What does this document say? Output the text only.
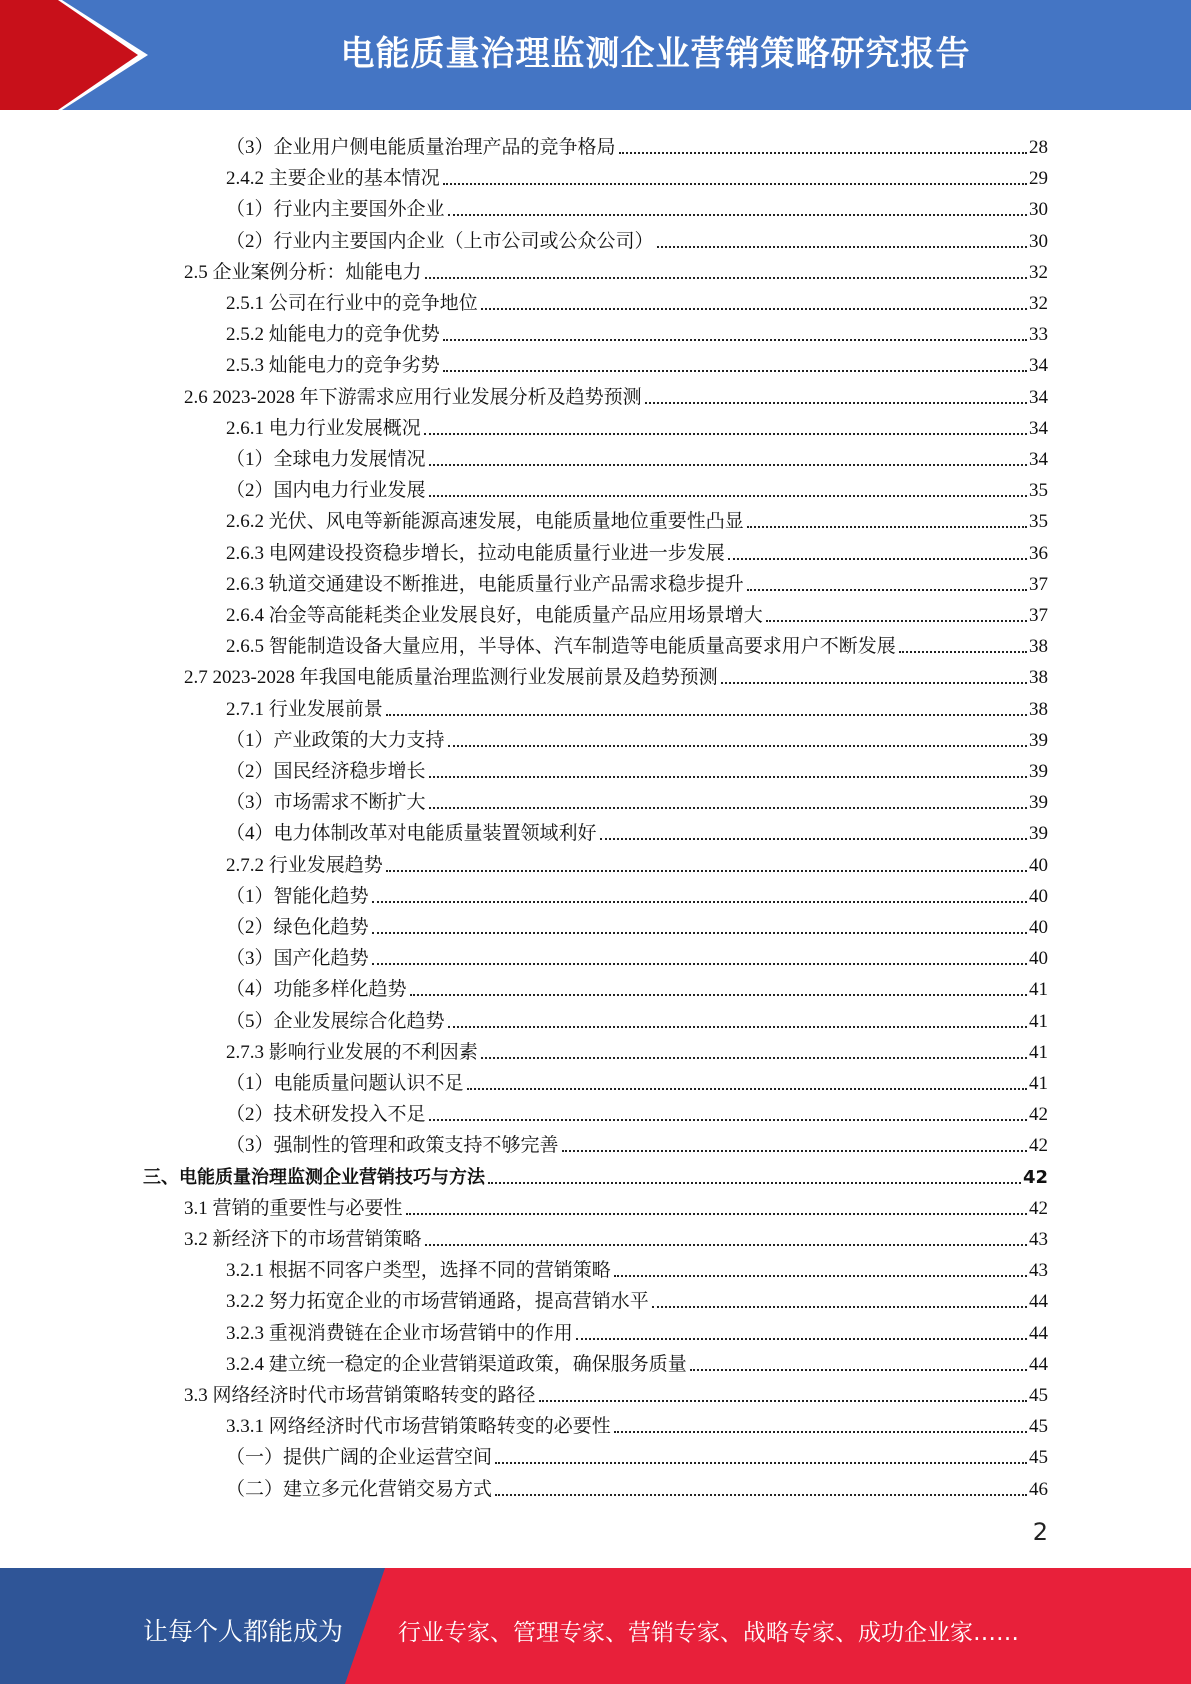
电能质量治理监测企业营销策略研究报告
（3）企业用户侧电能质量治理产品的竞争格局	28
2.4.2 主要企业的基本情况	29
（1）行业内主要国外企业	30
（2）行业内主要国内企业（上市公司或公众公司）	30
2.5 企业案例分析：灿能电力	32
2.5.1 公司在行业中的竞争地位	32
2.5.2 灿能电力的竞争优势	33
2.5.3 灿能电力的竞争劣势	34
2.6 2023-2028 年下游需求应用行业发展分析及趋势预测	34
2.6.1 电力行业发展概况	34
（1）全球电力发展情况	34
（2）国内电力行业发展	35
2.6.2 光伏、风电等新能源高速发展，电能质量地位重要性凸显	35
2.6.3 电网建设投资稳步增长，拉动电能质量行业进一步发展	36
2.6.3 轨道交通建设不断推进，电能质量行业产品需求稳步提升	37
2.6.4 冶金等高能耗类企业发展良好，电能质量产品应用场景增大	37
2.6.5 智能制造设备大量应用，半导体、汽车制造等电能质量高要求用户不断发展	38
2.7 2023-2028 年我国电能质量治理监测行业发展前景及趋势预测	38
2.7.1 行业发展前景	38
（1）产业政策的大力支持	39
（2）国民经济稳步增长	39
（3）市场需求不断扩大	39
（4）电力体制改革对电能质量装置领域利好	39
2.7.2 行业发展趋势	40
（1）智能化趋势	40
（2）绿色化趋势	40
（3）国产化趋势	40
（4）功能多样化趋势	41
（5）企业发展综合化趋势	41
2.7.3 影响行业发展的不利因素	41
（1）电能质量问题认识不足	41
（2）技术研发投入不足	42
（3）强制性的管理和政策支持不够完善	42
三、电能质量治理监测企业营销技巧与方法	42
3.1 营销的重要性与必要性	42
3.2 新经济下的市场营销策略	43
3.2.1 根据不同客户类型，选择不同的营销策略	43
3.2.2 努力拓宽企业的市场营销通路，提高营销水平	44
3.2.3 重视消费链在企业市场营销中的作用	44
3.2.4 建立统一稳定的企业营销渠道政策，确保服务质量	44
3.3 网络经济时代市场营销策略转变的路径	45
3.3.1 网络经济时代市场营销策略转变的必要性	45
（一）提供广阔的企业运营空间	45
（二）建立多元化营销交易方式	46
2
让每个人都能成为 行业专家、管理专家、营销专家、战略专家、成功企业家……
